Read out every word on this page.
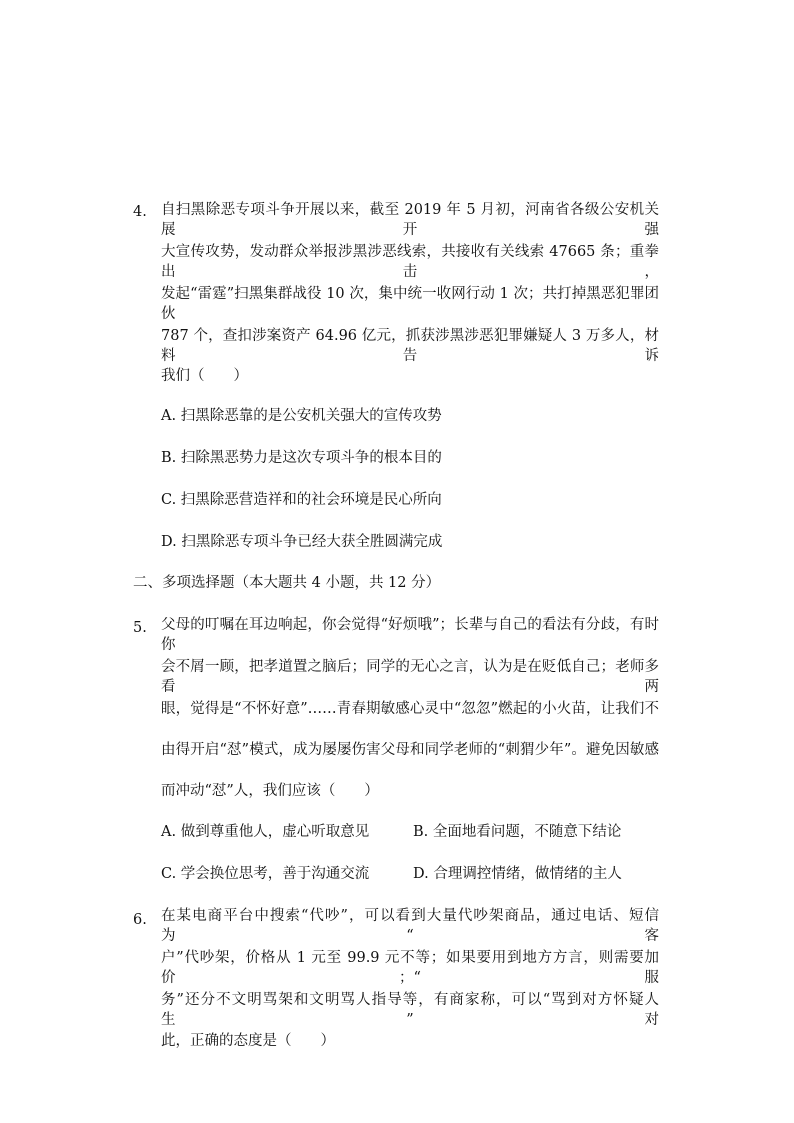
4. 自扫黑除恶专项斗争开展以来，截至 2019 年 5 月初，河南省各级公安机关展开强
大宣传攻势，发动群众举报涉黑涉恶线索，共接收有关线索 47665 条；重拳出击，
发起“雷霆”扫黑集群战役 10 次，集中统一收网行动 1 次；共打掉黑恶犯罪团伙
787 个，查扣涉案资产 64.96 亿元，抓获涉黑涉恶犯罪嫌疑人 3 万多人，材料告诉
我们（　　）
A. 扫黑除恶靠的是公安机关强大的宣传攻势
B. 扫除黑恶势力是这次专项斗争的根本目的
C. 扫黑除恶营造祥和的社会环境是民心所向
D. 扫黑除恶专项斗争已经大获全胜圆满完成
二、多项选择题（本大题共 4 小题，共 12 分）
5. 父母的叮嘱在耳边响起，你会觉得“好烦哦”；长辈与自己的看法有分歧，有时你
会不屑一顾，把孝道置之脑后；同学的无心之言，认为是在贬低自己；老师多看两
眼，觉得是“不怀好意”……青春期敏感心灵中“忽忽”燃起的小火苗，让我们不
由得开启“怼”模式，成为屡屡伤害父母和同学老师的“刺猬少年”。避免因敏感
而冲动“怼”人，我们应该（　　）
A. 做到尊重他人，虚心听取意见	B. 全面地看问题，不随意下结论
C. 学会换位思考，善于沟通交流	D. 合理调控情绪，做情绪的主人
6. 在某电商平台中搜索“代吵”，可以看到大量代吵架商品，通过电话、短信为“客
户”代吵架，价格从 1 元至 99.9 元不等；如果要用到地方方言，则需要加价；“服
务”还分不文明骂架和文明骂人指导等，有商家称，可以“骂到对方怀疑人生”对
此，正确的态度是（　　）
